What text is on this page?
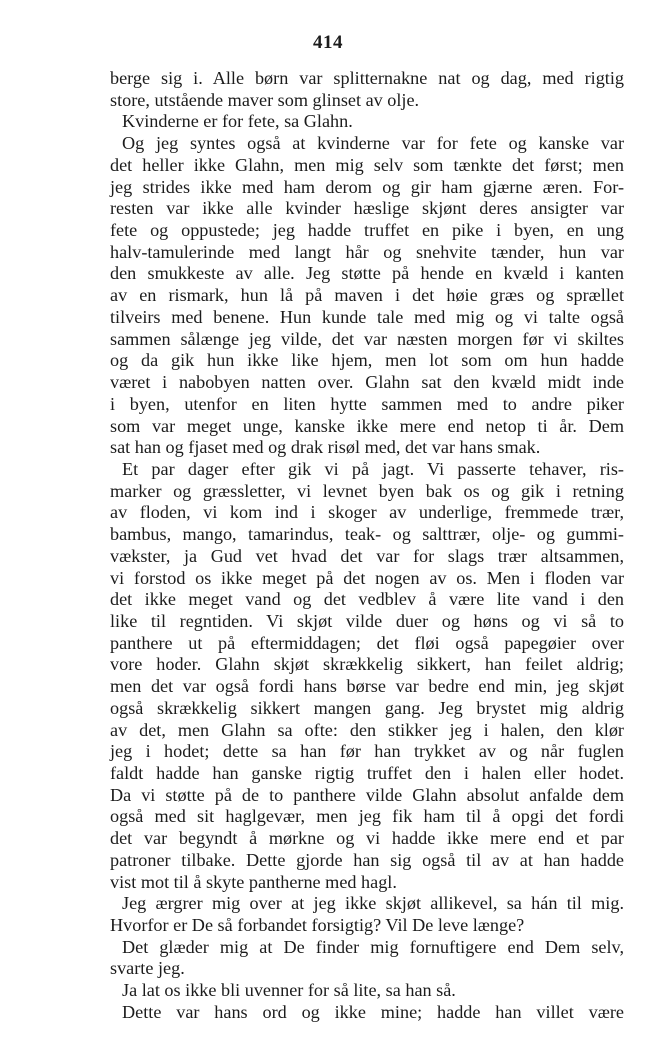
414
berge sig i. Alle børn var splitternakne nat og dag, med rigtig
store, utstående maver som glinset av olje.
Kvinderne er for fete, sa Glahn.
Og jeg syntes også at kvinderne var for fete og kanske var
det heller ikke Glahn, men mig selv som tænkte det først; men
jeg strides ikke med ham derom og gir ham gjærne æren. For-
resten var ikke alle kvinder hæslige skjønt deres ansigter var
fete og oppustede; jeg hadde truffet en pike i byen, en ung
halv-tamulerinde med langt hår og snehvite tænder, hun var
den smukkeste av alle. Jeg støtte på hende en kvæld i kanten
av en rismark, hun lå på maven i det høie græs og sprællet
tilveirs med benene. Hun kunde tale med mig og vi talte også
sammen sålænge jeg vilde, det var næsten morgen før vi skiltes
og da gik hun ikke like hjem, men lot som om hun hadde
været i nabobyen natten over. Glahn sat den kvæld midt inde
i byen, utenfor en liten hytte sammen med to andre piker
som var meget unge, kanske ikke mere end netop ti år. Dem
sat han og fjaset med og drak risøl med, det var hans smak.
Et par dager efter gik vi på jagt. Vi passerte tehaver, ris-
marker og græssletter, vi levnet byen bak os og gik i retning
av floden, vi kom ind i skoger av underlige, fremmede trær,
bambus, mango, tamarindus, teak- og salttrær, olje- og gummi-
vækster, ja Gud vet hvad det var for slags trær altsammen,
vi forstod os ikke meget på det nogen av os. Men i floden var
det ikke meget vand og det vedblev å være lite vand i den
like til regntiden. Vi skjøt vilde duer og høns og vi så to
panthere ut på eftermiddagen; det fløi også papegøier over
vore hoder. Glahn skjøt skrækkelig sikkert, han feilet aldrig;
men det var også fordi hans børse var bedre end min, jeg skjøt
også skrækkelig sikkert mangen gang. Jeg brystet mig aldrig
av det, men Glahn sa ofte: den stikker jeg i halen, den klør
jeg i hodet; dette sa han før han trykket av og når fuglen
faldt hadde han ganske rigtig truffet den i halen eller hodet.
Da vi støtte på de to panthere vilde Glahn absolut anfalde dem
også med sit haglgevær, men jeg fik ham til å opgi det fordi
det var begyndt å mørkne og vi hadde ikke mere end et par
patroner tilbake. Dette gjorde han sig også til av at han hadde
vist mot til å skyte pantherne med hagl.
Jeg ærgrer mig over at jeg ikke skjøt allikevel, sa hán til mig.
Hvorfor er De så forbandet forsigtig? Vil De leve længe?
Det glæder mig at De finder mig fornuftigere end Dem selv,
svarte jeg.
Ja lat os ikke bli uvenner for så lite, sa han så.
Dette var hans ord og ikke mine; hadde han villet være
